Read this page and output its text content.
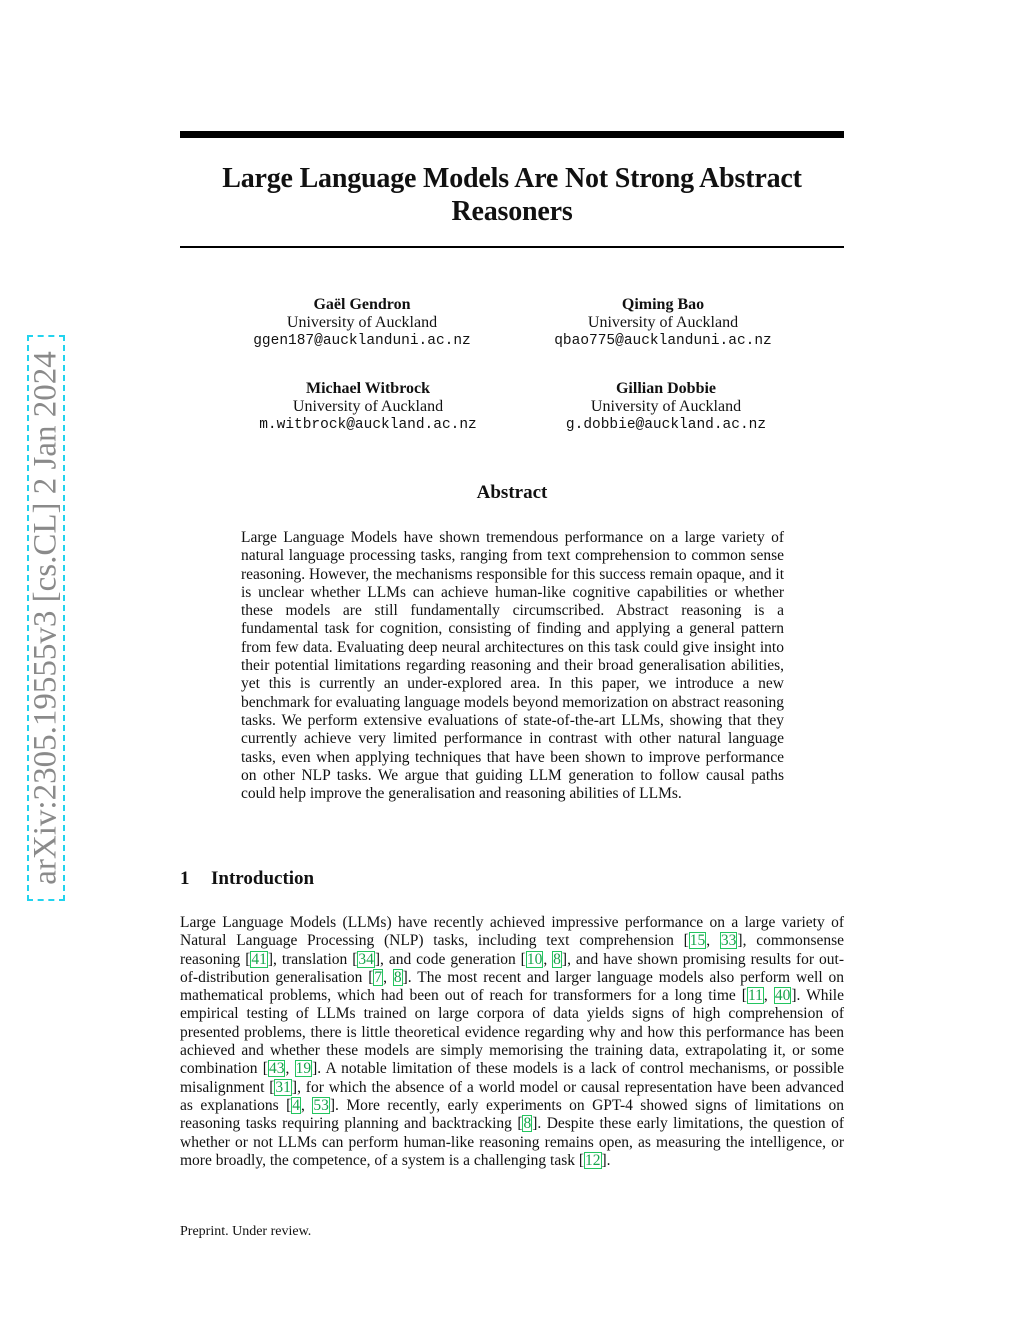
arXiv:2305.19555v3 [cs.CL] 2 Jan 2024
Large Language Models Are Not Strong Abstract
Reasoners
Gaël Gendron
University of Auckland
ggen187@aucklanduni.ac.nz
Qiming Bao
University of Auckland
qbao775@aucklanduni.ac.nz
Michael Witbrock
University of Auckland
m.witbrock@auckland.ac.nz
Gillian Dobbie
University of Auckland
g.dobbie@auckland.ac.nz
Abstract
Large Language Models have shown tremendous performance on a large variety of natural language processing tasks, ranging from text comprehension to common sense reasoning. However, the mechanisms responsible for this success remain opaque, and it is unclear whether LLMs can achieve human-like cognitive capabilities or whether these models are still fundamentally circumscribed. Abstract reasoning is a fundamental task for cognition, consisting of finding and applying a general pattern from few data. Evaluating deep neural architectures on this task could give insight into their potential limitations regarding reasoning and their broad generalisation abilities, yet this is currently an under-explored area. In this paper, we introduce a new benchmark for evaluating language models beyond memorization on abstract reasoning tasks. We perform extensive evaluations of state-of-the-art LLMs, showing that they currently achieve very limited performance in contrast with other natural language tasks, even when applying techniques that have been shown to improve performance on other NLP tasks. We argue that guiding LLM generation to follow causal paths could help improve the generalisation and reasoning abilities of LLMs.
1 Introduction
Large Language Models (LLMs) have recently achieved impressive performance on a large variety of Natural Language Processing (NLP) tasks, including text comprehension [15, 33], commonsense reasoning [41], translation [34], and code generation [10, 8], and have shown promising results for out-of-distribution generalisation [7, 8]. The most recent and larger language models also perform well on mathematical problems, which had been out of reach for transformers for a long time [11, 40]. While empirical testing of LLMs trained on large corpora of data yields signs of high comprehension of presented problems, there is little theoretical evidence regarding why and how this performance has been achieved and whether these models are simply memorising the training data, extrapolating it, or some combination [43, 19]. A notable limitation of these models is a lack of control mechanisms, or possible misalignment [31], for which the absence of a world model or causal representation have been advanced as explanations [4, 53]. More recently, early experiments on GPT-4 showed signs of limitations on reasoning tasks requiring planning and backtracking [8]. Despite these early limitations, the question of whether or not LLMs can perform human-like reasoning remains open, as measuring the intelligence, or more broadly, the competence, of a system is a challenging task [12].
Preprint. Under review.
